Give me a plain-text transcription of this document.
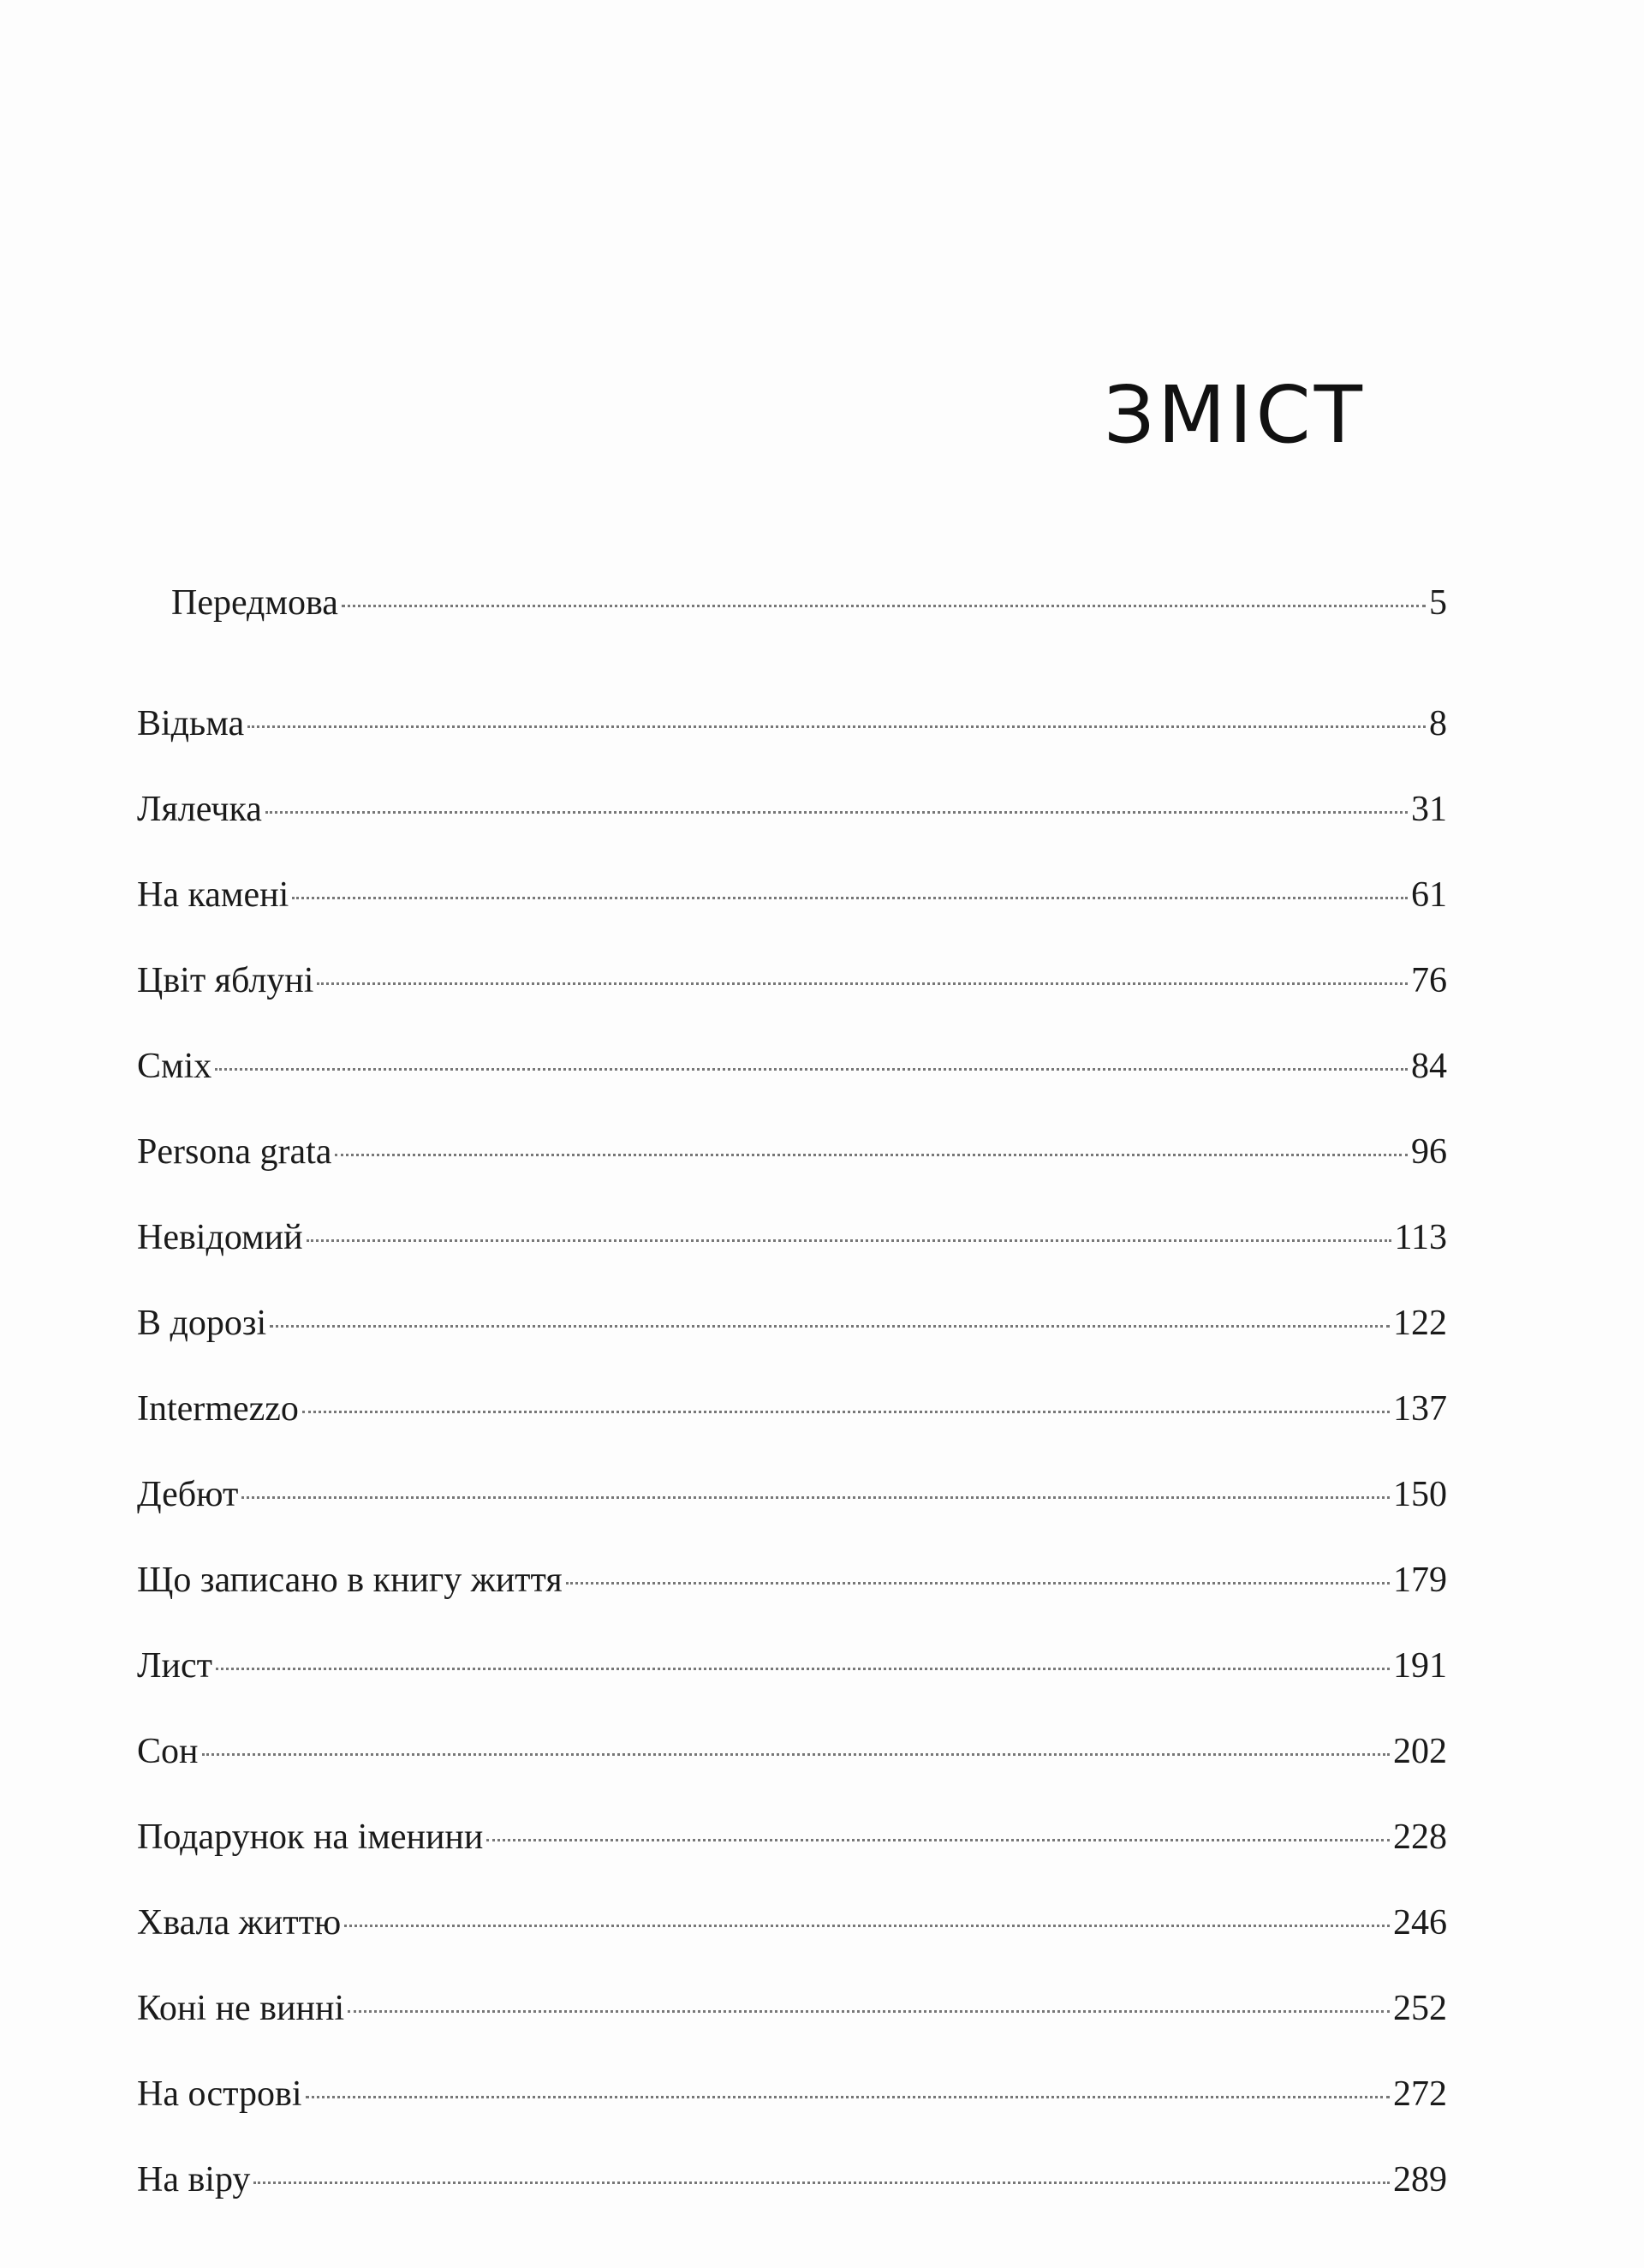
ЗМІСТ
Передмова	5
Відьма	8
Лялечка	31
На камені	61
Цвіт яблуні	76
Сміх	84
Persona grata	96
Невідомий	113
В дорозі	122
Intermezzo	137
Дебют	150
Що записано в книгу життя	179
Лист	191
Сон	202
Подарунок на іменини	228
Хвала життю	246
Коні не винні	252
На острові	272
На віру	289
